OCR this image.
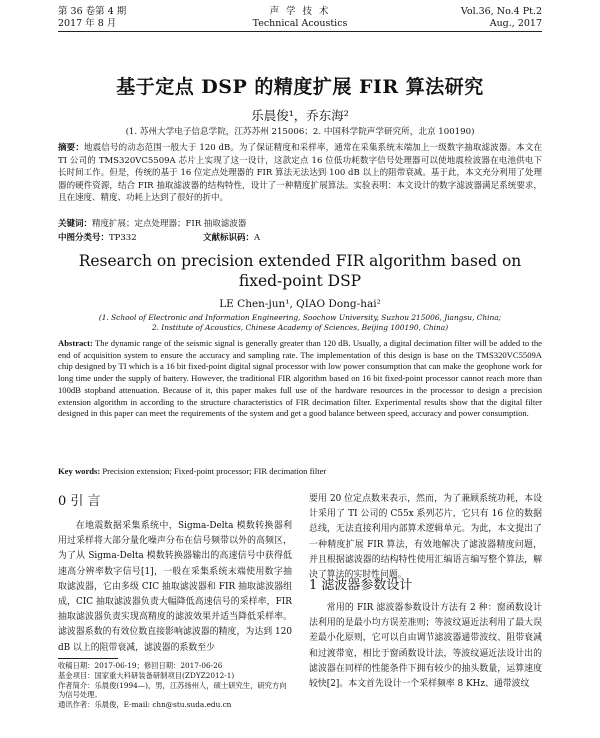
第 36 卷第 4 期
2017 年 8 月
声 学 技 术
Technical Acoustics
Vol.36, No.4 Pt.2
Aug., 2017
基于定点 DSP 的精度扩展 FIR 算法研究
乐晨俊¹，乔东海²
(1. 苏州大学电子信息学院，江苏苏州 215006；2. 中国科学院声学研究所，北京 100190)
摘要：地震信号的动态范围一般大于 120 dB。为了保证精度和采样率，通常在采集系统末端加上一级数字抽取滤波器。本文在 TI 公司的 TMS320VC5509A 芯片上实现了这一设计，这款定点 16 位低功耗数字信号处理器可以使地震检波器在电池供电下长时间工作。但是，传统的基于 16 位定点处理器的 FIR 算法无法达到 100 dB 以上的阻带衰减。基于此，本文充分利用了处理器的硬件资源，结合 FIR 抽取滤波器的结构特性，设计了一种精度扩展算法。实验表明：本文设计的数字滤波器满足系统要求，且在速度、精度、功耗上达到了很好的折中。
关键词：精度扩展；定点处理器；FIR 抽取滤波器
中图分类号：TP332	文献标识码：A
Research on precision extended FIR algorithm based on
fixed-point DSP
LE Chen-jun¹, QIAO Dong-hai²
(1. School of Electronic and Information Engineering, Soochow University, Suzhou 215006, Jiangsu, China;
2. Institute of Acoustics, Chinese Academy of Sciences, Beijing 100190, China)
Abstract: The dynamic range of the seismic signal is generally greater than 120 dB. Usually, a digital decimation filter will be added to the end of acquisition system to ensure the accuracy and sampling rate. The implementation of this design is base on the TMS320VC5509A chip designed by TI which is a 16 bit fixed-point digital signal processor with low power consumption that can make the geophone work for long time under the supply of battery. However, the traditional FIR algorithm based on 16 bit fixed-point processor cannot reach more than 100dB stopband attenuation. Because of it, this paper makes full use of the hardware resources in the processor to design a precision extension algorithm in according to the structure characteristics of FIR decimation filter. Experimental results show that the digital filter designed in this paper can meet the requirements of the system and get a good balance between speed, accuracy and power consumption.
Key words: Precision extension; Fixed-point processor; FIR decimation filter
0 引 言
在地震数据采集系统中，Sigma-Delta 模数转换器利用过采样将大部分量化噪声分布在信号频带以外的高频区，为了从 Sigma-Delta 模数转换器输出的高速信号中获得低速高分辨率数字信号[1]，一般在采集系统末端使用数字抽取滤波器，它由多级 CIC 抽取滤波器和 FIR 抽取滤波器组成，CIC 抽取滤波器负责大幅降低高速信号的采样率，FIR 抽取滤波器负责实现高精度的滤波效果并适当降低采样率。滤波器系数的有效位数直接影响滤波器的精度，为达到 120 dB 以上的阻带衰减，滤波器的系数至少
收稿日期：2017-06-19；修回日期：2017-06-26
基金项目：国家重大科研装备研制项目(ZDYZ2012-1)
作者简介：乐晨俊(1994—)，男，江苏扬州人，硕士研究生，研究方向为信号处理。
通讯作者：乐晨俊，E-mail: chn@stu.suda.edu.cn
要用 20 位定点数来表示，然而，为了兼顾系统功耗，本设计采用了 TI 公司的 C55x 系列芯片，它只有 16 位的数据总线，无法直接利用内部算术逻辑单元。为此，本文提出了一种精度扩展 FIR 算法，有效地解决了滤波器精度问题，并且根据滤波器的结构特性使用汇编语言编写整个算法，解决了算法的实时性问题。
1 滤波器参数设计
常用的 FIR 滤波器参数设计方法有 2 种：窗函数设计法利用的是最小均方误差准则；等波纹逼近法利用了最大误差最小化原则，它可以自由调节滤波器通带波纹、阻带衰减和过渡带宽，相比于窗函数设计法，等波纹逼近法设计出的滤波器在同样的性能条件下拥有较少的抽头数量，运算速度较快[2]。本文首先设计一个采样频率 8 KHz、通带波纹
